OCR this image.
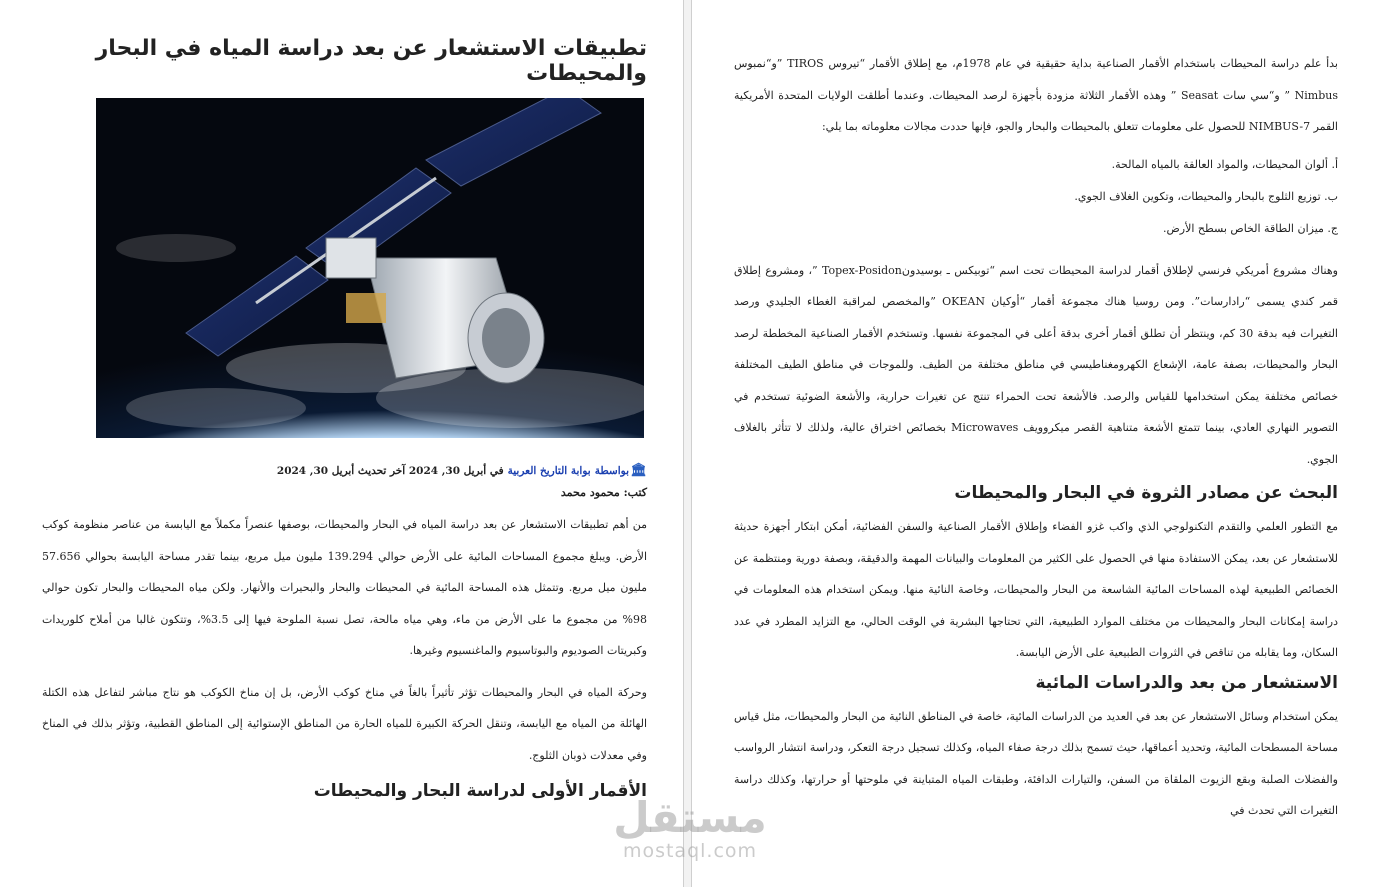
تطبيقات الاستشعار عن بعد دراسة المياه في البحار والمحيطات
🏛
بواسطة
بوابة التاريخ العربية
في أبريل 30, 2024 آخر تحديث أبريل 30, 2024
كتب: محمود محمد

من أهم تطبيقات الاستشعار عن بعد دراسة المياه في البحار والمحيطات، بوصفها عنصراً مكملاً مع اليابسة من عناصر منظومة كوكب الأرض. ويبلغ مجموع المساحات المائية على الأرض حوالي 139.294 مليون ميل مربع، بينما تقدر مساحة اليابسة بحوالي 57.656 مليون ميل مربع. وتتمثل هذه المساحة المائية في المحيطات والبحار والبحيرات والأنهار. ولكن مياه المحيطات والبحار تكون حوالي 98% من مجموع ما على الأرض من ماء، وهي مياه مالحة، تصل نسبة الملوحة فيها إلى 3.5%، وتتكون غالبا من أملاح كلوريدات وكبريتات الصوديوم والبوتاسيوم والماغنسيوم وغيرها.

وحركة المياه في البحار والمحيطات تؤثر تأثيراً بالغاً في مناخ كوكب الأرض، بل إن مناخ الكوكب هو نتاج مباشر لتفاعل هذه الكتلة الهائلة من المياه مع اليابسة، وتنقل الحركة الكبيرة للمياه الحارة من المناطق الإستوائية إلى المناطق القطبية، وتؤثر بذلك في المناخ وفي معدلات ذوبان الثلوج.

الأقمار الأولى لدراسة البحار والمحيطات

بدأ علم دراسة المحيطات باستخدام الأقمار الصناعية بداية حقيقية في عام 1978م، مع إطلاق الأقمار “تيروس TIROS ”و“نمبوس Nimbus ” و“سي سات Seasat ” وهذه الأقمار الثلاثة مزودة بأجهزة لرصد المحيطات. وعندما أطلقت الولايات المتحدة الأمريكية القمر NIMBUS-7 للحصول على معلومات تتعلق بالمحيطات والبحار والجو، فإنها حددت مجالات معلوماته بما يلي:

أ. ألوان المحيطات، والمواد العالقة بالمياه المالحة.
ب. توزيع الثلوج بالبحار والمحيطات، وتكوين الغلاف الجوي.
ج. ميزان الطاقة الخاص بسطح الأرض.

وهناك مشروع أمريكي فرنسي لإطلاق أقمار لدراسة المحيطات تحت اسم “توبيكس ـ بوسيدونTopex-Posidon ”، ومشروع إطلاق قمر كندي يسمى “رادارسات”. ومن روسيا هناك مجموعة أقمار “أوكيان OKEAN ”والمخصص لمراقبة الغطاء الجليدي ورصد التغيرات فيه بدقة 30 كم، وينتظر أن تطلق أقمار أخرى بدقة أعلى في المجموعة نفسها. وتستخدم الأقمار الصناعية المخططة لرصد البحار والمحيطات، بصفة عامة، الإشعاع الكهرومغناطيسي في مناطق مختلفة من الطيف. وللموجات في مناطق الطيف المختلفة خصائص مختلفة يمكن استخدامها للقياس والرصد. فالأشعة تحت الحمراء تنتج عن تغيرات حرارية، والأشعة الضوئية تستخدم في التصوير النهاري العادي، بينما تتمتع الأشعة متناهية القصر ميكروويف Microwaves بخصائص اختراق عالية، ولذلك لا تتأثر بالغلاف الجوي.

البحث عن مصادر الثروة في البحار والمحيطات

مع التطور العلمي والتقدم التكنولوجي الذي واكب غزو الفضاء وإطلاق الأقمار الصناعية والسفن الفضائية، أمكن ابتكار أجهزة حديثة للاستشعار عن بعد، يمكن الاستفادة منها في الحصول على الكثير من المعلومات والبيانات المهمة والدقيقة، وبصفة دورية ومنتظمة عن الخصائص الطبيعية لهذه المساحات المائية الشاسعة من البحار والمحيطات، وخاصة النائية منها. ويمكن استخدام هذه المعلومات في دراسة إمكانات البحار والمحيطات من مختلف الموارد الطبيعية، التي تحتاجها البشرية في الوقت الحالي، مع التزايد المطرد في عدد السكان، وما يقابله من تناقص في الثروات الطبيعية على الأرض اليابسة.

الاستشعار من بعد والدراسات المائية

يمكن استخدام وسائل الاستشعار عن بعد في العديد من الدراسات المائية، خاصة في المناطق النائية من البحار والمحيطات، مثل قياس مساحة المسطحات المائية، وتحديد أعماقها، حيث تسمح بذلك درجة صفاء المياه، وكذلك تسجيل درجة التعكر، ودراسة انتشار الرواسب والفضلات الصلبة وبقع الزيوت الملقاة من السفن، والتيارات الدافئة، وطبقات المياه المتباينة في ملوحتها أو حرارتها، وكذلك دراسة التغيرات التي تحدث في

مستقل
mostaql.com
